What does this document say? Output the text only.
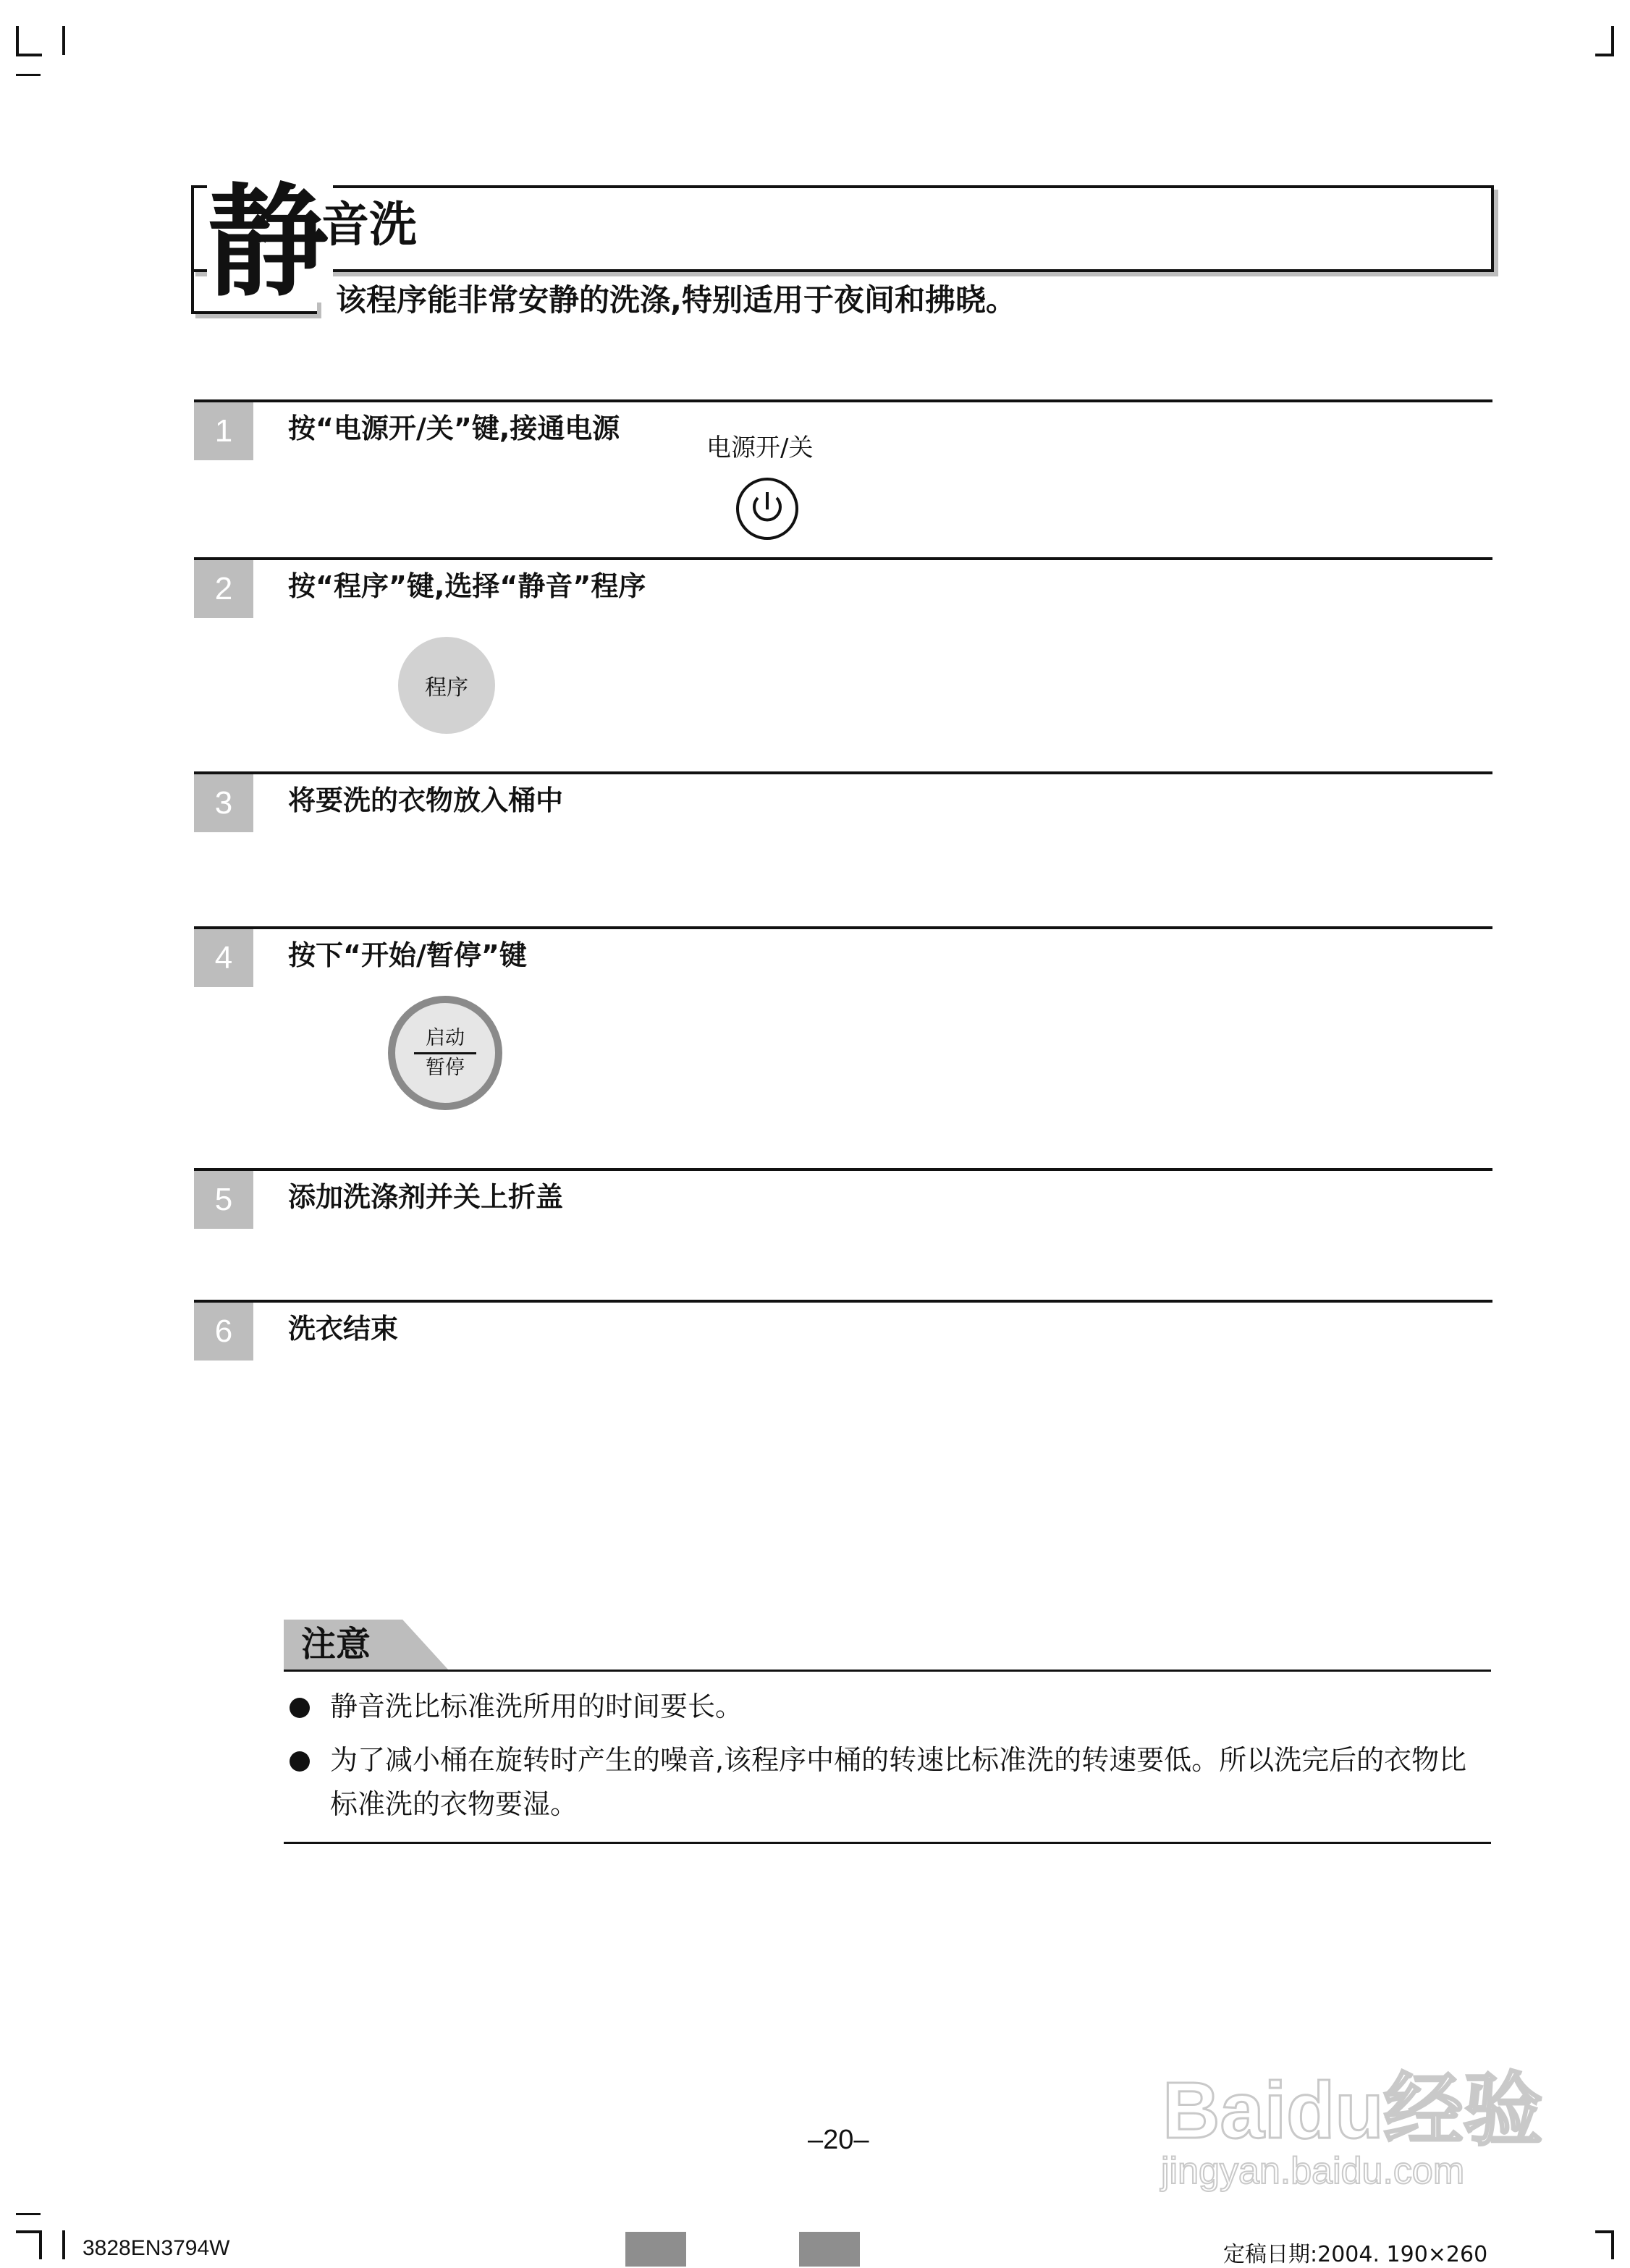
静
音洗
该程序能非常安静的洗涤,特别适用于夜间和拂晓。
1	按“电源开/关”键,接通电源
电源开/关
2	按“程序”键,选择“静音”程序
程序
3	将要洗的衣物放入桶中
4	按下“开始/暂停”键
启动
暂停
5	添加洗涤剂并关上折盖
6	洗衣结束
注意
静音洗比标准洗所用的时间要长。
为了减小桶在旋转时产生的噪音,该程序中桶的转速比标准洗的转速要低。所以洗完后的衣物比标准洗的衣物要湿。
Baidu经验
jingyan.baidu.com
–20–
3828EN3794W	定稿日期:2004. 190×260
